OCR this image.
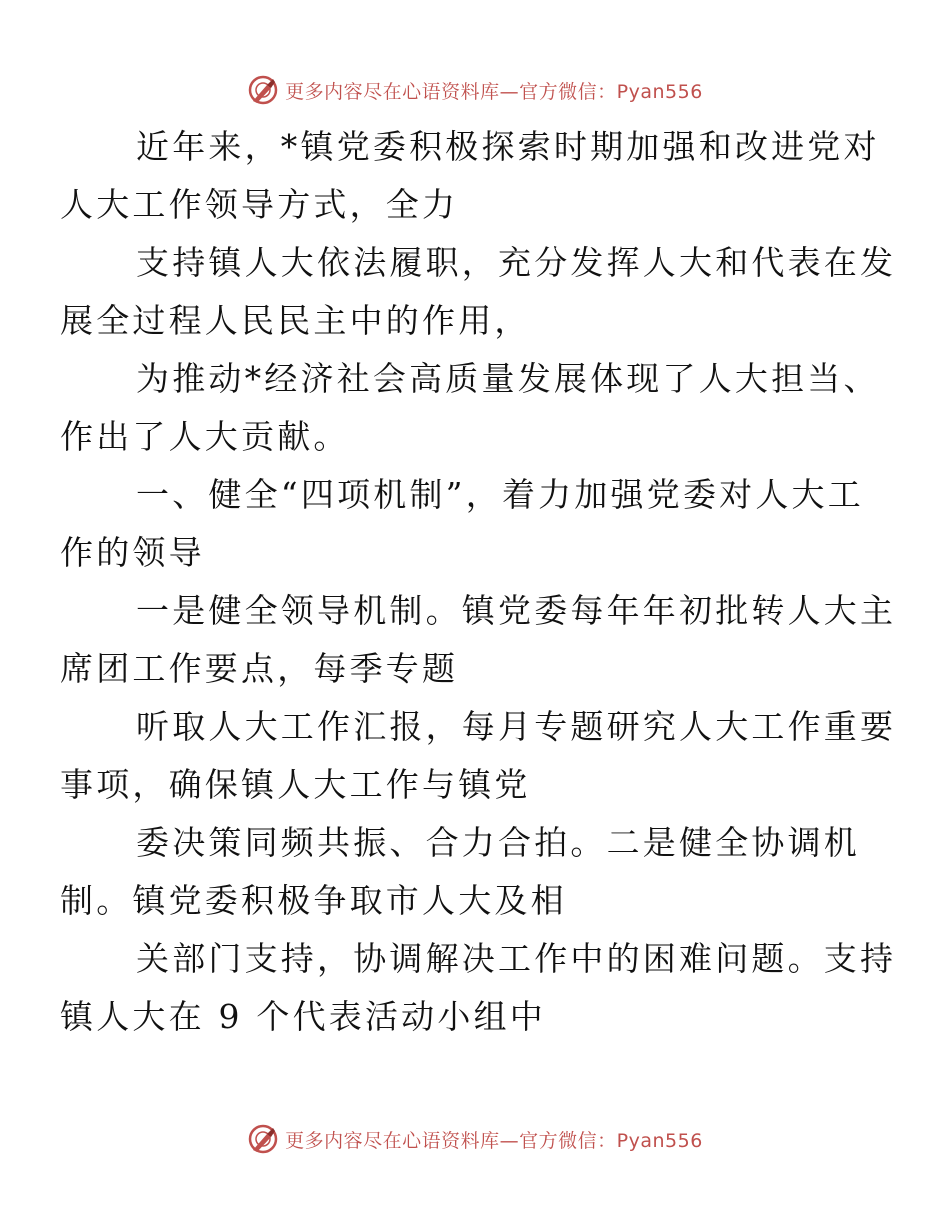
更多内容尽在心语资料库—官方微信：Pyan556

近年来，*镇党委积极探索时期加强和改进党对
人大工作领导方式，全力

支持镇人大依法履职，充分发挥人大和代表在发
展全过程人民民主中的作用，

为推动*经济社会高质量发展体现了人大担当、
作出了人大贡献。

一、健全“四项机制”，着力加强党委对人大工
作的领导

一是健全领导机制。镇党委每年年初批转人大主
席团工作要点，每季专题

听取人大工作汇报，每月专题研究人大工作重要
事项，确保镇人大工作与镇党

委决策同频共振、合力合拍。二是健全协调机
制。镇党委积极争取市人大及相

关部门支持，协调解决工作中的困难问题。支持
镇人大在 9 个代表活动小组中

更多内容尽在心语资料库—官方微信：Pyan556
